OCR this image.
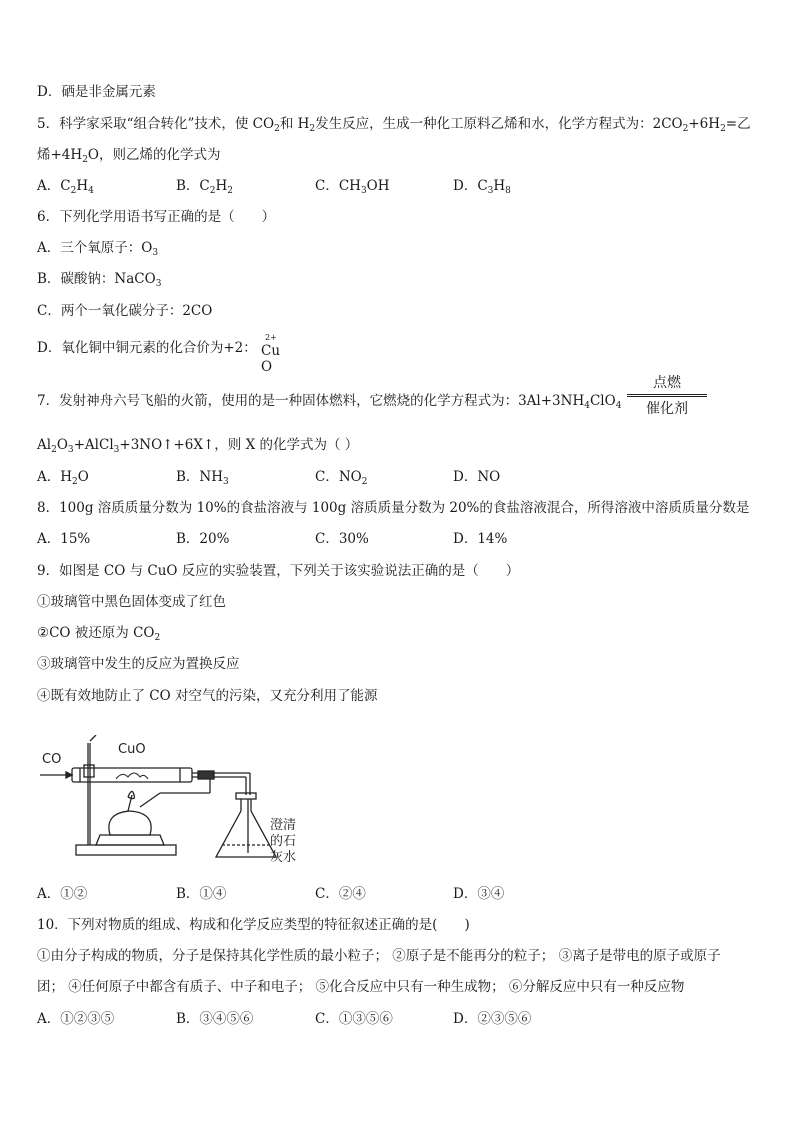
D．硒是非金属元素
5．科学家采取“组合转化”技术，使 $CO_2$和 $H_2$发生反应，生成一种化工原料乙烯和水，化学方程式为：$2CO_2+6H_2=$乙
烯$+4H_2O$，则乙烯的化学式为
A．$C_2H_4$	B．$C_2H_2$	C．$CH_3OH$	D．$C_3H_8$
6．下列化学用语书写正确的是（　　）
A．三个氧原子：$O_3$
B．碳酸钠：NaCO$_3$
C．两个一氧化碳分子：2CO
D．氧化铜中铜元素的化合价为+2：
2+
Cu O
7．发射神舟六号飞船的火箭，使用的是一种固体燃料，它燃烧的化学方程式为：$3Al+3NH_4ClO_4$
点燃
催化剂
$Al_2O_3+AlCl_3+3NO↑+6X↑$，则 X 的化学式为（ ）
A．$H_2O$	B．$NH_3$	C．$NO_2$	D．NO
8．100g 溶质质量分数为 10%的食盐溶液与 100g 溶质质量分数为 20%的食盐溶液混合，所得溶液中溶质质量分数是
A．15%	B．20%	C．30%	D．14%
9．如图是 CO 与 CuO 反应的实验装置，下列关于该实验说法正确的是（　　）
①玻璃管中黑色固体变成了红色
②CO 被还原为 $CO_2$
③玻璃管中发生的反应为置换反应
④既有效地防止了 CO 对空气的污染，又充分利用了能源
CO
CuO
澄清
的石
灰水
A．①②	B．①④	C．②④	D．③④
10．下列对物质的组成、构成和化学反应类型的特征叙述正确的是(　　)
①由分子构成的物质，分子是保持其化学性质的最小粒子； ②原子是不能再分的粒子； ③离子是带电的原子或原子
团； ④任何原子中都含有质子、中子和电子； ⑤化合反应中只有一种生成物； ⑥分解反应中只有一种反应物
A．①②③⑤	B．③④⑤⑥	C．①③⑤⑥	D．②③⑤⑥
